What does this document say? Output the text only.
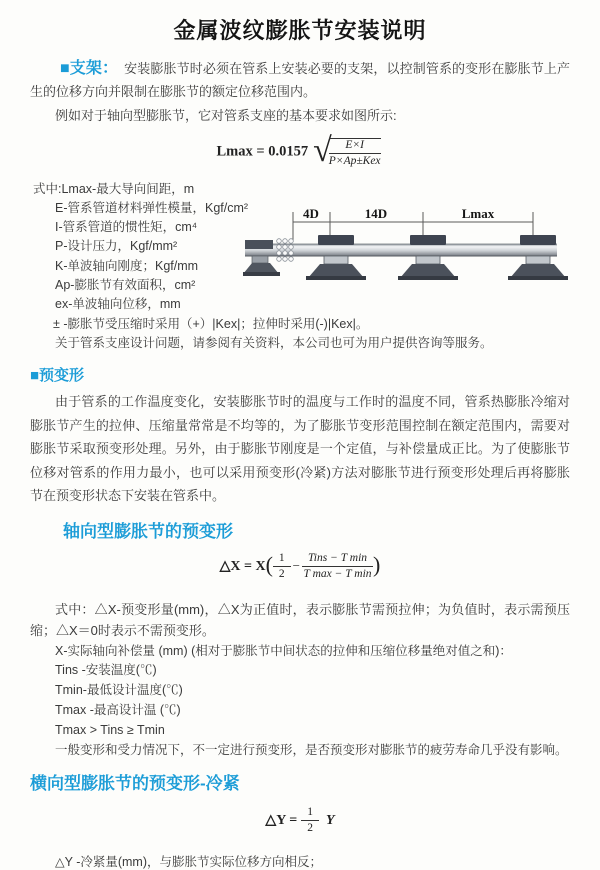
金属波纹膨胀节安装说明

■支架： 安装膨胀节时必须在管系上安装必要的支架，以控制管系的变形在膨胀节上产生的位移方向并限制在膨胀节的额定位移范围内。

例如对于轴向型膨胀节，它对管系支座的基本要求如图所示:

Lmax = 0.0157 √
$\frac{E\times I}{\text{P×Ap±Kex}}$
式中:Lmax-最大导向间距，m
E-管系管道材料弹性模量，Kgf/cm²
I-管系管道的惯性矩，cm⁴
P-设计压力，Kgf/mm²
K-单波轴向刚度；Kgf/mm
Ap-膨胀节有效面积，cm²
ex-单波轴向位移，mm
± -膨胀节受压缩时采用（+）|Kex|；拉伸时采用(-)|Kex|。
关于管系支座设计问题，请参阅有关资料，本公司也可为用户提供咨询等服务。
■预变形

由于管系的工作温度变化，安装膨胀节时的温度与工作时的温度不同，管系热膨胀冷缩对膨胀节产生的拉伸、压缩量常常是不均等的，为了膨胀节变形范围控制在额定范围内，需要对膨胀节采取预变形处理。另外，由于膨胀节刚度是一个定值，与补偿量成正比。为了使膨胀节位移对管系的作用力最小，也可以采用预变形(冷紧)方法对膨胀节进行预变形处理后再将膨胀节在预变形状态下安装在管系中。

轴向型膨胀节的预变形
△X = $X( \frac{1}{2} - \frac{\text{Tins − T min}}{\text{T max − T min}}$ )

式中：△X-预变形量(mm)，△X为正值时，表示膨胀节需预拉伸；为负值时，表示需预压缩；△X＝0时表示不需预变形。

X-实际轴向补偿量 (mm) (相对于膨胀节中间状态的拉伸和压缩位移量绝对值之和)：
Tins -安装温度(℃)
Tmin-最低设计温度(℃)
Tmax -最高设计温 (℃)
Tmax > Tins ≥ Tmin
一般变形和受力情况下，不一定进行预变形，是否预变形对膨胀节的疲劳寿命几乎没有影响。
横向型膨胀节的预变形-冷紧
△Y = $\frac{1}{2}$ Y

△Y -冷紧量(mm)，与膨胀节实际位移方向相反；

4D	14D	Lmax
